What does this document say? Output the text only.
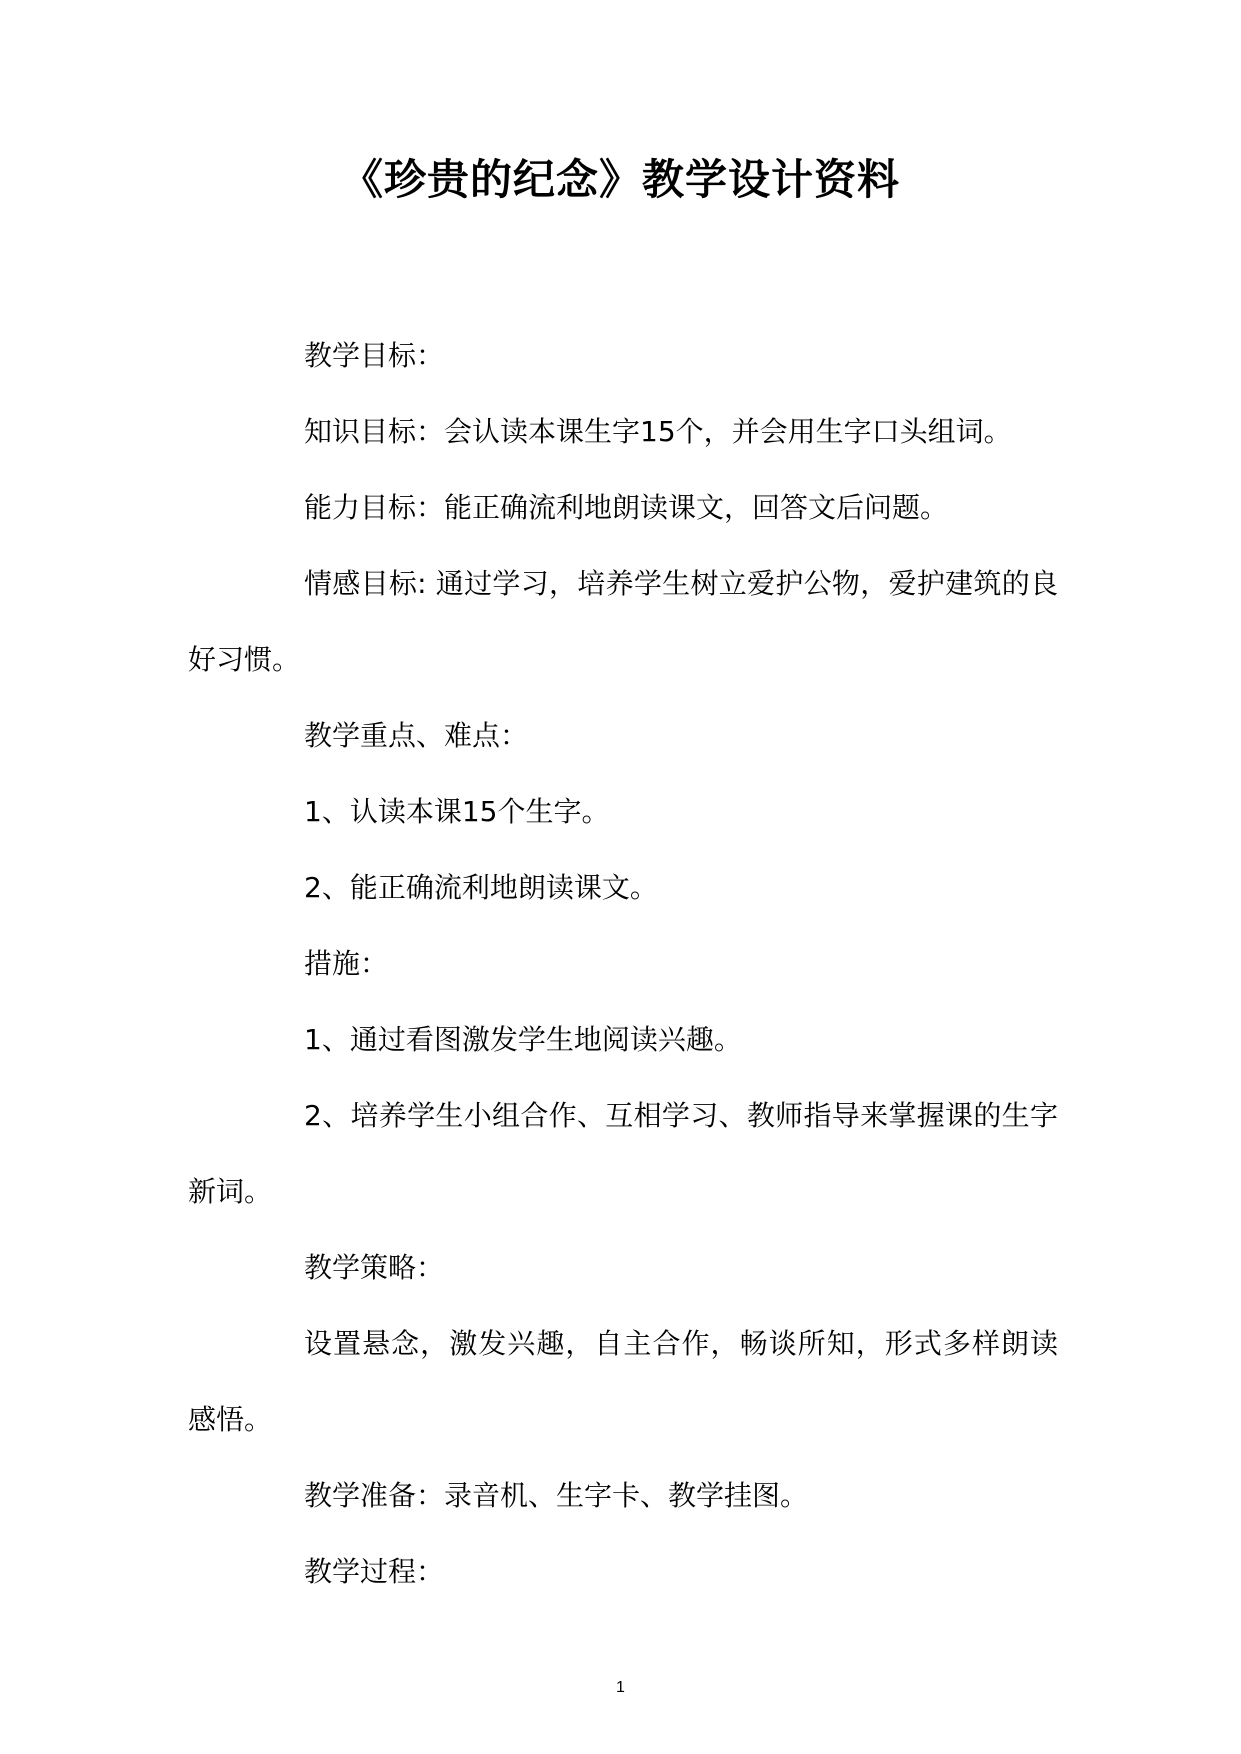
《珍贵的纪念》教学设计资料

教学目标：

知识目标：会认读本课生字15个，并会用生字口头组词。

能力目标：能正确流利地朗读课文，回答文后问题。

情感目标: 通过学习，培养学生树立爱护公物，爱护建筑的良好习惯。

教学重点、难点：

1、认读本课15个生字。

2、能正确流利地朗读课文。

措施：

1、通过看图激发学生地阅读兴趣。

2、培养学生小组合作、互相学习、教师指导来掌握课的生字新词。

教学策略：

设置悬念，激发兴趣，自主合作，畅谈所知，形式多样朗读感悟。

教学准备：录音机、生字卡、教学挂图。

教学过程：

1
